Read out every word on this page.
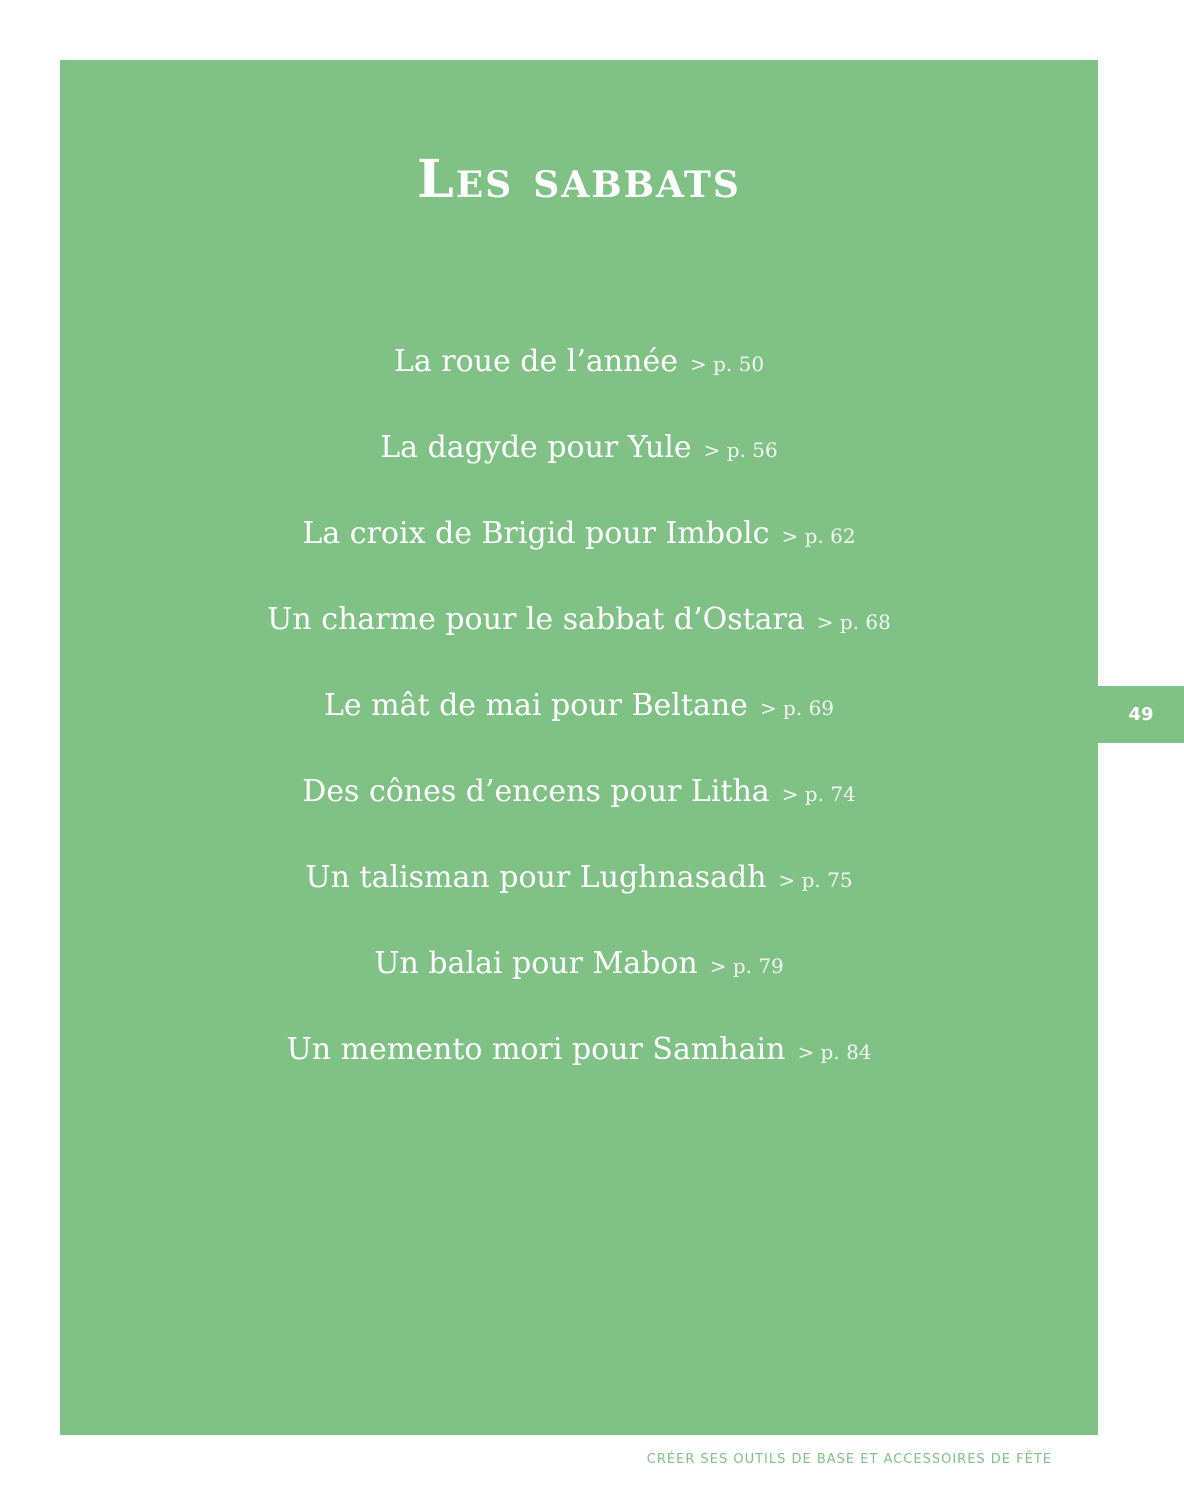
Les sabbats
La roue de l’année > p. 50
La dagyde pour Yule > p. 56
La croix de Brigid pour Imbolc > p. 62
Un charme pour le sabbat d’Ostara > p. 68
Le mât de mai pour Beltane > p. 69
Des cônes d’encens pour Litha > p. 74
Un talisman pour Lughnasadh > p. 75
Un balai pour Mabon > p. 79
Un memento mori pour Samhain > p. 84
49

CRÉER SES OUTILS DE BASE ET ACCESSOIRES DE FÊTE
